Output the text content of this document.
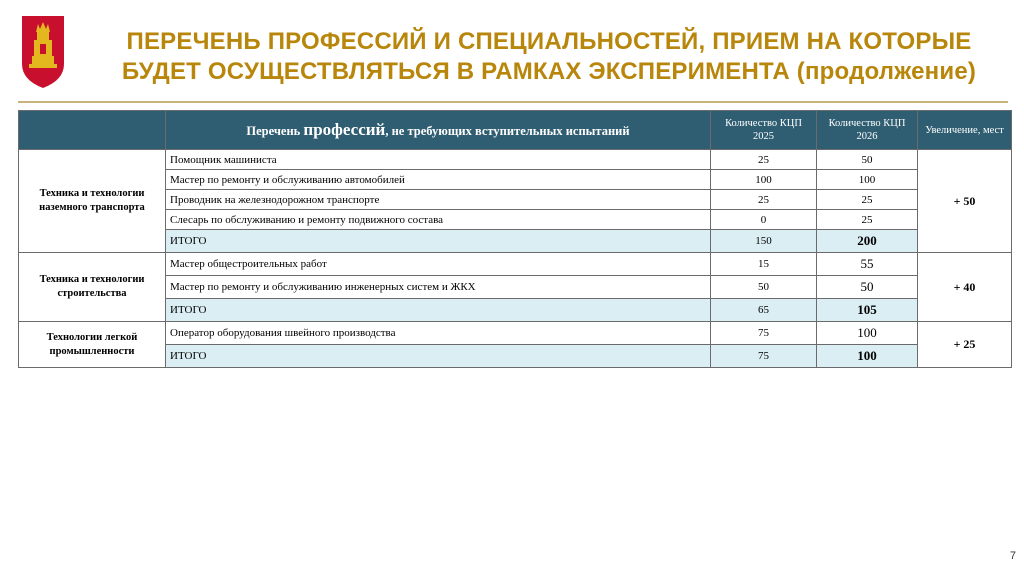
ПЕРЕЧЕНЬ ПРОФЕССИЙ И СПЕЦИАЛЬНОСТЕЙ, ПРИЕМ НА КОТОРЫЕ
БУДЕТ ОСУЩЕСТВЛЯТЬСЯ В РАМКАХ ЭКСПЕРИМЕНТА (продолжение)
	Перечень профессий, не требующих вступительных испытаний	Количество КЦП 2025	Количество КЦП 2026	Увеличение, мест
Техника и технологии наземного транспорта	Помощник машиниста	25	50	+ 50
	Мастер по ремонту и обслуживанию автомобилей	100	100	
	Проводник на железнодорожном транспорте	25	25	
	Слесарь по обслуживанию и ремонту подвижного состава	0	25	
	ИТОГО	150	200	
Техника и технологии строительства	Мастер общестроительных работ	15	55	+ 40
	Мастер по ремонту и обслуживанию инженерных систем и ЖКХ	50	50	
	ИТОГО	65	105	
Технологии легкой промышленности	Оператор оборудования швейного производства	75	100	+ 25
	ИТОГО	75	100	
7
